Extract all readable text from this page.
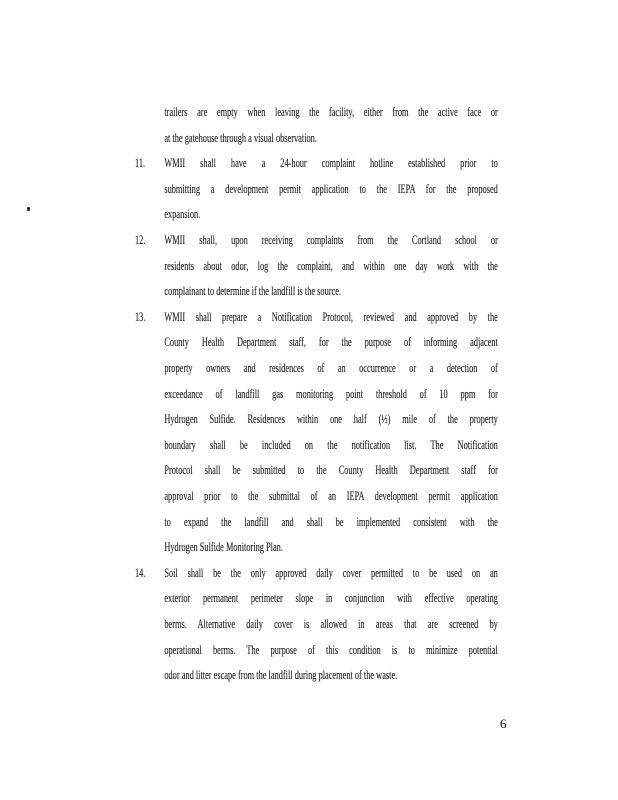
trailers are empty when leaving the facility, either from the active face or
at the gatehouse through a visual observation.
11. WMII shall have a 24-hour complaint hotline established prior to
submitting a development permit application to the IEPA for the proposed
expansion.
12. WMII shall, upon receiving complaints from the Cortland school or
residents about odor, log the complaint, and within one day work with the
complainant to determine if the landfill is the source.
13. WMII shall prepare a Notification Protocol, reviewed and approved by the
County Health Department staff, for the purpose of informing adjacent
property owners and residences of an occurrence or a detection of
exceedance of landfill gas monitoring point threshold of 10 ppm for
Hydrogen Sulfide. Residences within one half (½) mile of the property
boundary shall be included on the notification list. The Notification
Protocol shall be submitted to the County Health Department staff for
approval prior to the submittal of an IEPA development permit application
to expand the landfill and shall be implemented consistent with the
Hydrogen Sulfide Monitoring Plan.
14. Soil shall be the only approved daily cover permitted to be used on an
exterior permanent perimeter slope in conjunction with effective operating
berms. Alternative daily cover is allowed in areas that are screened by
operational berms. The purpose of this condition is to minimize potential
odor and litter escape from the landfill during placement of the waste.
6
